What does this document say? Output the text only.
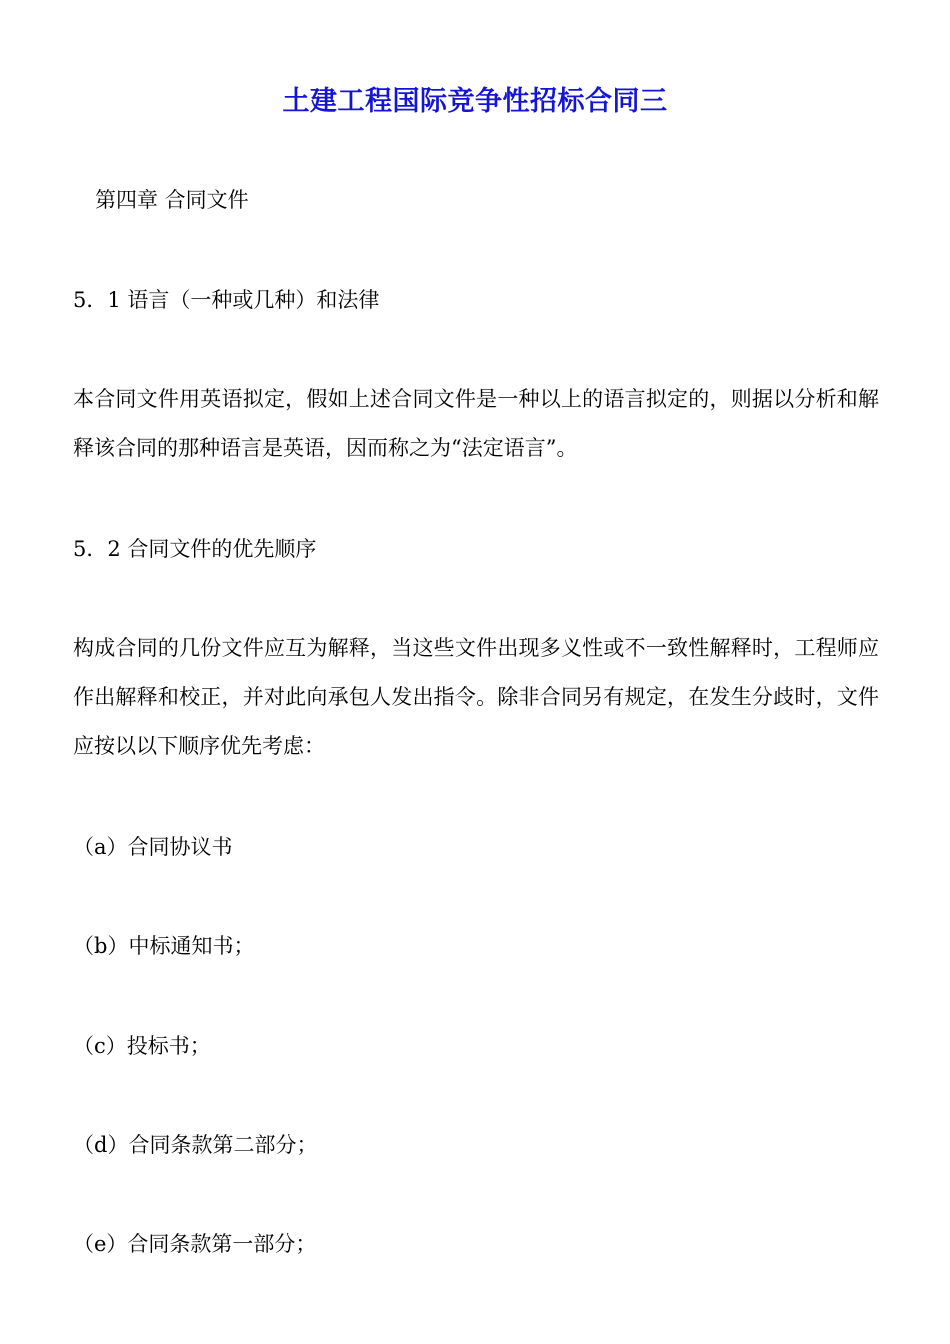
土建工程国际竞争性招标合同三
第四章 合同文件
5．1 语言（一种或几种）和法律
本合同文件用英语拟定，假如上述合同文件是一种以上的语言拟定的，则据以分析和解释该合同的那种语言是英语，因而称之为“法定语言”。
5．2 合同文件的优先顺序
构成合同的几份文件应互为解释，当这些文件出现多义性或不一致性解释时，工程师应作出解释和校正，并对此向承包人发出指令。除非合同另有规定，在发生分歧时，文件应按以以下顺序优先考虑：
（a）合同协议书
（b）中标通知书；
（c）投标书；
（d）合同条款第二部分；
（e）合同条款第一部分；
